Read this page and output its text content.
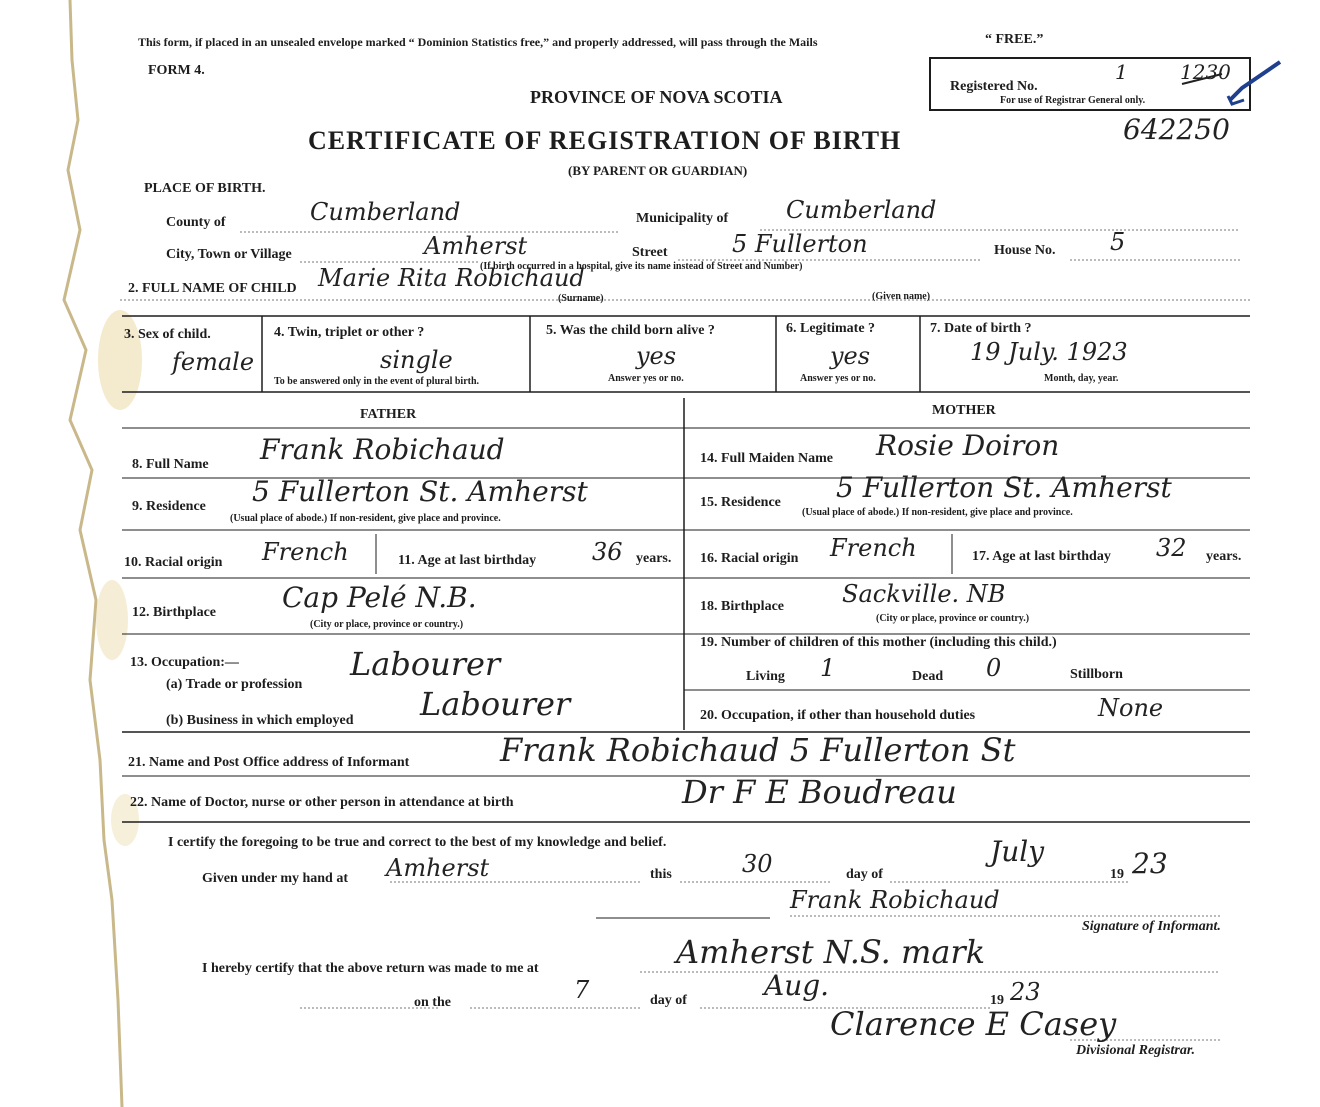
This form, if placed in an unsealed envelope marked “ Dominion Statistics free,” and properly addressed, will pass through the Mails	“ FREE.”
FORM 4.
PROVINCE OF NOVA SCOTIA
CERTIFICATE OF REGISTRATION OF BIRTH
(BY PARENT OR GUARDIAN)
Registered No.
For use of Registrar General only.
1	1230
642250
PLACE OF BIRTH.
County of	Cumberland	Municipality of Cumberland
City, Town or Village	Amherst	Street	5 Fullerton
(If birth occurred in a hospital, give its name instead of Street and Number)
House No. 5
2. FULL NAME OF CHILD Marie Rita Robichaud
(Surname)	(Given name)
3. Sex of child.
female
4. Twin, triplet or other ?
single
To be answered only in the event of plural birth.
5. Was the child born alive ?
yes
Answer yes or no.
6. Legitimate ?
yes
Answer yes or no.
7. Date of birth ?
19 July. 1923
Month, day, year.
FATHER	MOTHER
8. Full Name Frank Robichaud
9. Residence 5 Fullerton St. Amherst
(Usual place of abode.) If non-resident, give place and province.
10. Racial origin French	11. Age at last birthday 36 years.
12. Birthplace Cap Pelé N.B.
(City or place, province or country.)
13. Occupation:—
(a) Trade or profession
Labourer
(b) Business in which employed Labourer
14. Full Maiden Name Rosie Doiron
15. Residence 5 Fullerton St. Amherst
(Usual place of abode.) If non-resident, give place and province.
16. Racial origin French	17. Age at last birthday 32 years.
18. Birthplace Sackville. NB
(City or place, province or country.)
19. Number of children of this mother (including this child.)
Living 1	Dead 0	Stillborn
20. Occupation, if other than household duties	None
21. Name and Post Office address of Informant	Frank Robichaud 5 Fullerton St
22. Name of Doctor, nurse or other person in attendance at birth	Dr F E Boudreau
I certify the foregoing to be true and correct to the best of my knowledge and belief.
Given under my hand at Amherst	this	30	day of
July
19 23
Frank Robichaud
Signature of Informant.
I hereby certify that the above return was made to me at	Amherst N.S. mark
on the	7	day of	Aug.	19 23
Clarence E Casey
Divisional Registrar.
